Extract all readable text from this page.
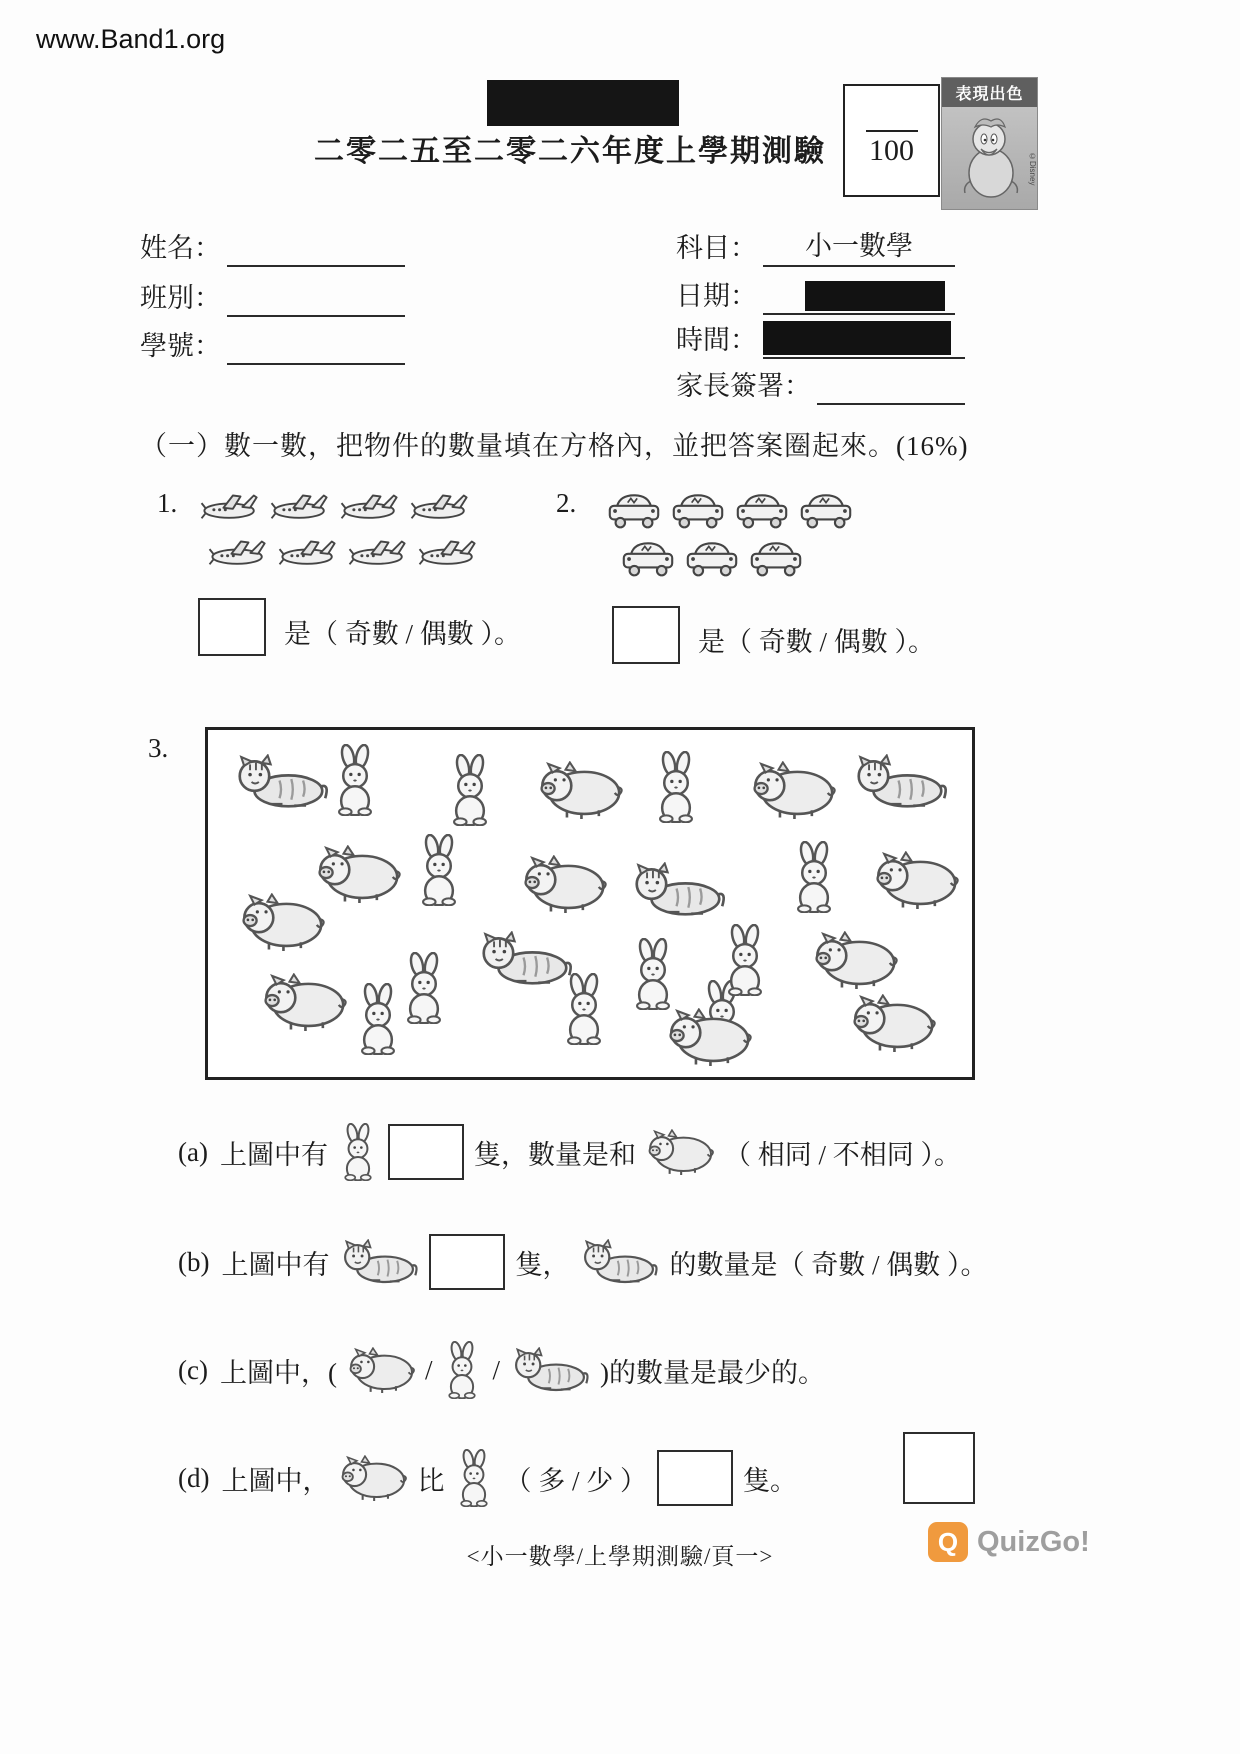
www.Band1.org
二零二五至二零二六年度上學期測驗	100
表現出色
©Disney
姓名：
班別：
學號：
科目：	小一數學
日期：
時間：
家長簽署：
（一）數一數，把物件的數量填在方格內，並把答案圈起來。(16%)
1.
是（ 奇數 / 偶數 ）。
2.
是（ 奇數 / 偶數 ）。
3.
(a) 上圖中有	隻，數量是和	（ 相同 / 不相同 ）。
(b) 上圖中有	隻，	的數量是（ 奇數 / 偶數 ）。
(c) 上圖中，(	/ /	)的數量是最少的。
(d) 上圖中，	比 （ 多 / 少 ）	隻。
<小一數學/上學期測驗/頁一>	Q QuizGo!
